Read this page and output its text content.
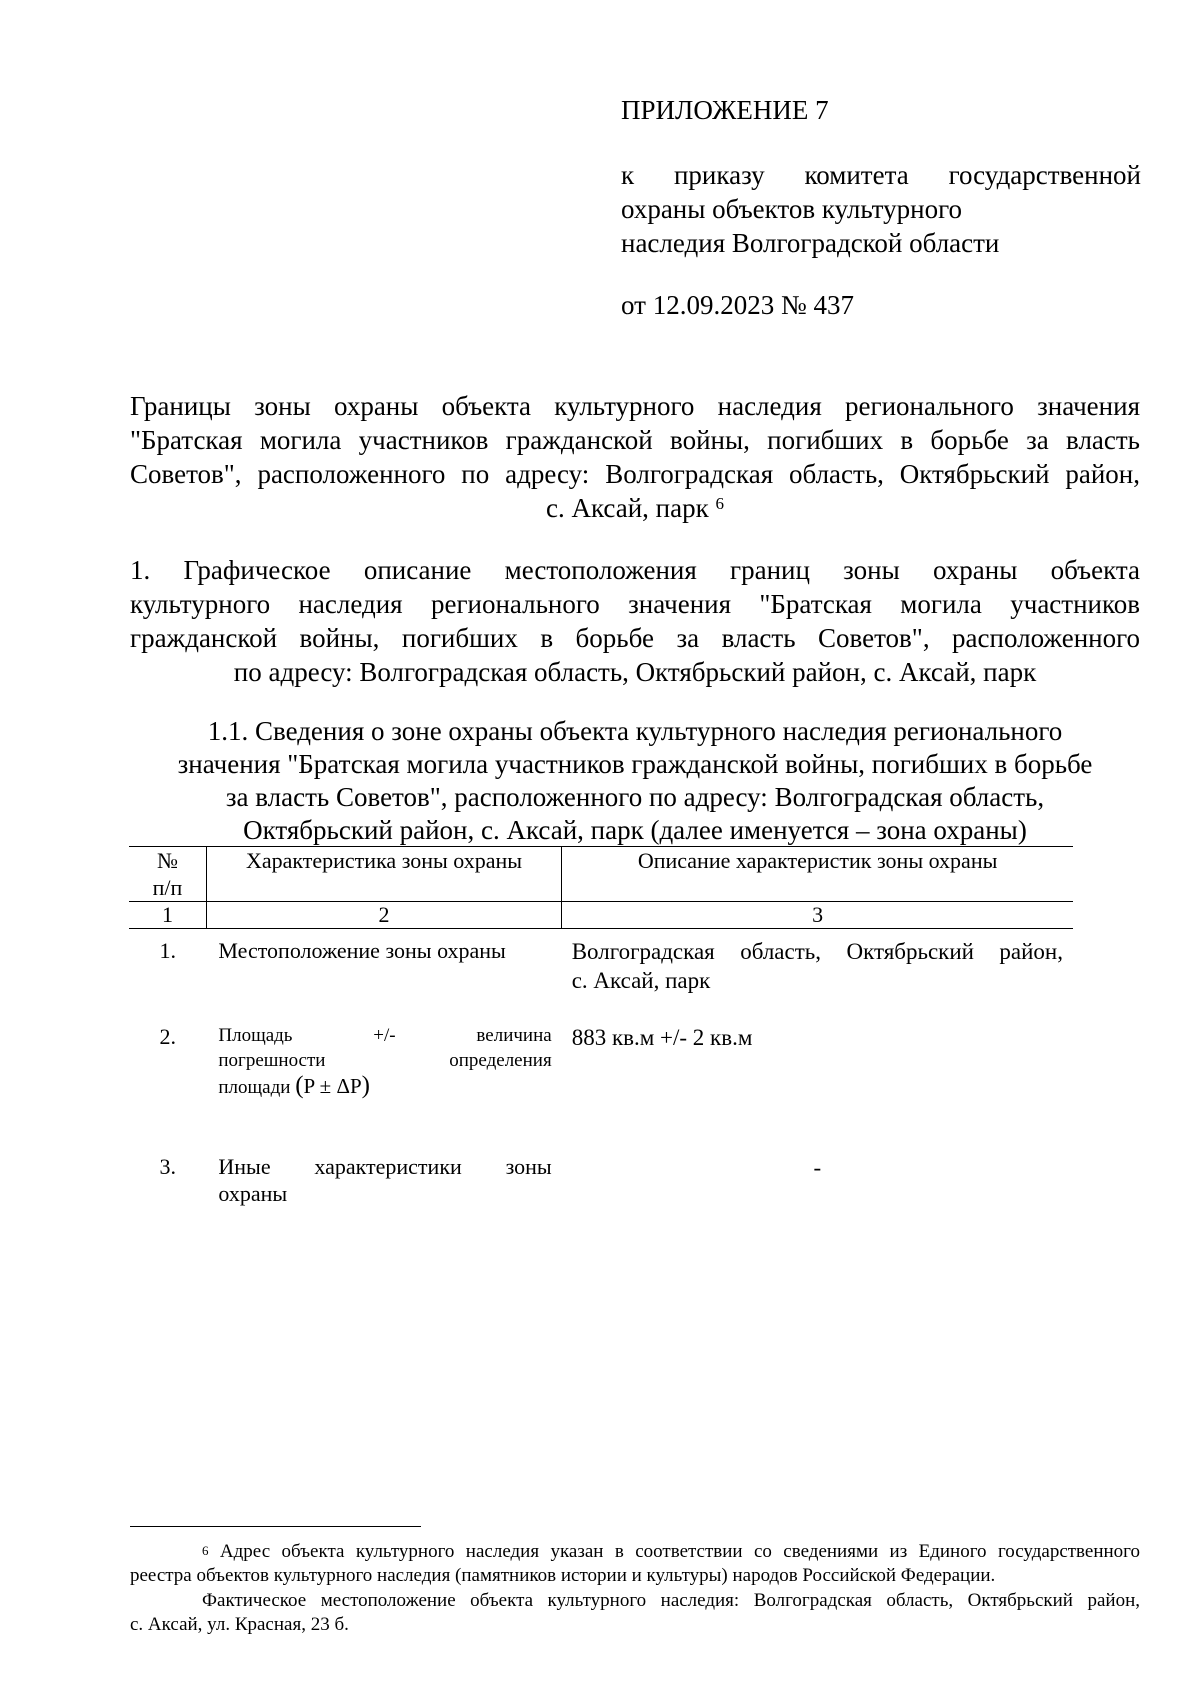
ПРИЛОЖЕНИЕ 7
к приказу комитета государственной
охраны объектов культурного
наследия Волгоградской области
от 12.09.2023 № 437
Границы зоны охраны объекта культурного наследия регионального значения
"Братская могила участников гражданской войны, погибших в борьбе за власть
Советов", расположенного по адресу: Волгоградская область, Октябрьский район,
с. Аксай, парк $^6$
1. Графическое описание местоположения границ зоны охраны объекта
культурного наследия регионального значения "Братская могила участников
гражданской войны, погибших в борьбе за власть Советов", расположенного
по адресу: Волгоградская область, Октябрьский район, с. Аксай, парк
1.1. Сведения о зоне охраны объекта культурного наследия регионального
значения "Братская могила участников гражданской войны, погибших в борьбе
за власть Советов", расположенного по адресу: Волгоградская область,
Октябрьский район, с. Аксай, парк (далее именуется – зона охраны)
№
п/п	Характеристика зоны охраны	Описание характеристик зоны охраны
1	2	3
1.	Местоположение зоны охраны	Волгоградская область, Октябрьский район,
с. Аксай, парк
2.	Площадь +/- величина
погрешности определения
площади (P ± ΔP)	883 кв.м +/- 2 кв.м
3.	Иные характеристики зоны
охраны	-
$^6$ Адрес объекта культурного наследия указан в соответствии со сведениями из Единого государственного
реестра объектов культурного наследия (памятников истории и культуры) народов Российской Федерации.
Фактическое местоположение объекта культурного наследия: Волгоградская область, Октябрьский район,
с. Аксай, ул. Красная, 23 б.
